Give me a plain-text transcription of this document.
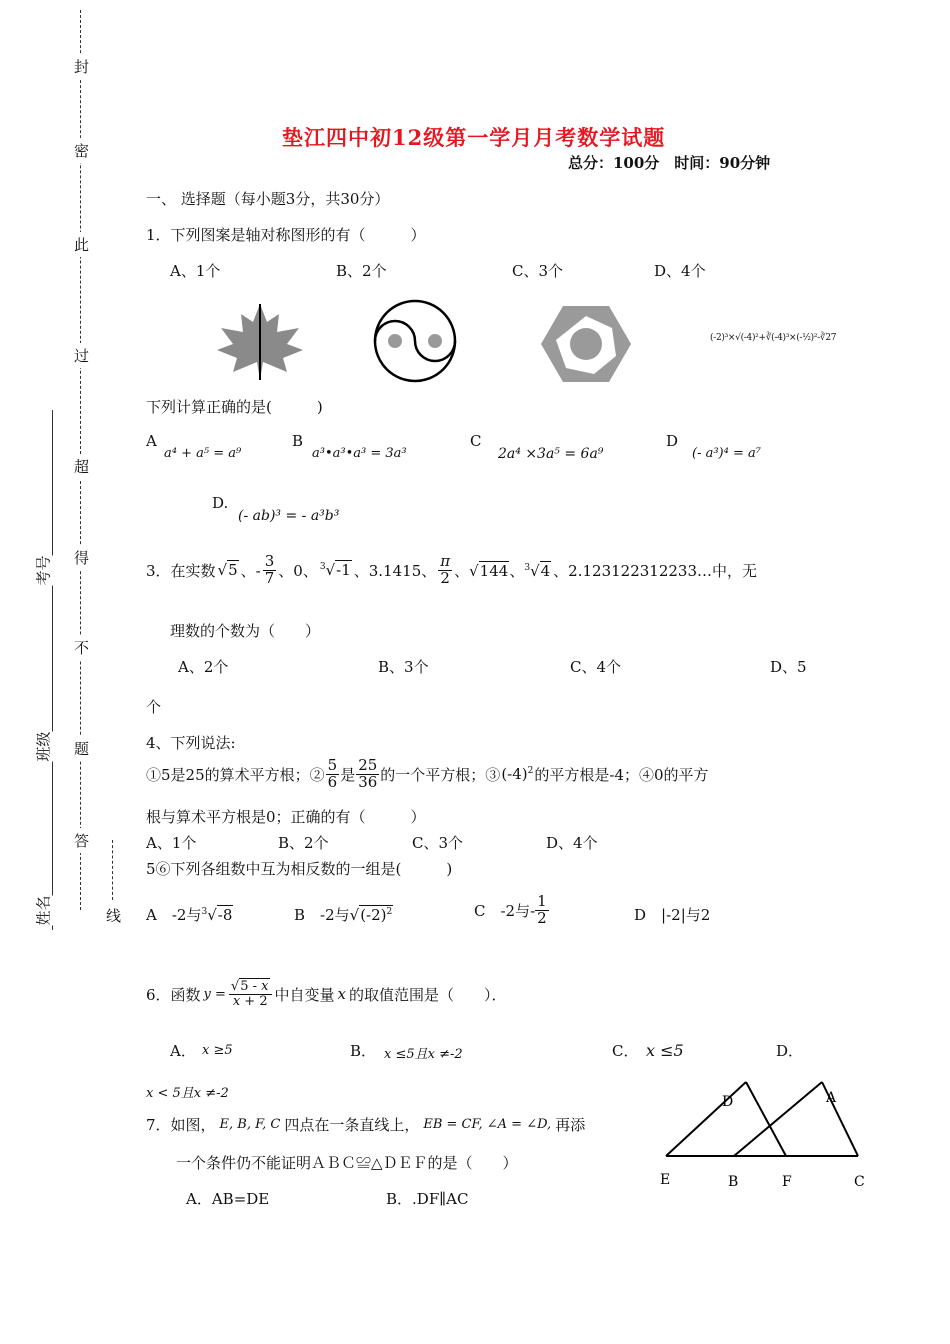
封
密
此
过
超
得
不
题
答
线
考号
班级
姓名
垫江四中初12级第一学月月考数学试题
总分：100分　时间：90分钟
一、 选择题（每小题3分，共30分）
1．下列图案是轴对称图形的有（　　　）
A、1个	B、2个	C、3个	D、4个
(-2)³×√(-4)²+∛(-4)³×(-½)²-∛27
下列计算正确的是(　　　)
A
a⁴ + a⁵ = a⁹
B
a³•a³•a³ = 3a³
C
2a⁴ ×3a⁵ = 6a⁹
D
(- a³)⁴ = a⁷
D.
(- ab)³ = - a³b³
3．在实数 √5 、- $\frac{3}{7}$ 、0、 $^3$√-1 、3.1415、 $\frac{\pi}{2}$ 、√144、$^3$√4 、2.123122312233…中，无
理数的个数为（　　）
A、2个	B、3个	C、4个	D、5
个
4、下列说法:
①5是25的算术平方根；② $\frac{5}{6}$ 是 $\frac{25}{36}$ 的一个平方根；③ $(-4)^2$ 的平方根是-4；④0的平方
根与算术平方根是0；正确的有（　　　）
A、1个	B、2个	C、3个	D、4个
5⑥下列各组数中互为相反数的一组是(　　　)
A　-2与$^3$√-8	B　-2与$√(-2)^2$	C　-2与- $\frac{1}{2}$	D　|-2|与2
6．函数 $y = \frac{√5 - x}{x + 2}$ 中自变量 x 的取值范围是（　　）．
A． x ≥5	B． x ≤5且x ≠-2	C． x ≤5	D．
x < 5且x ≠-2
7．如图， E, B, F, C 四点在一条直线上， EB = CF, ∠A = ∠D, 再添
一个条件仍不能证明ＡＢＣ≌△ＤＥＦ的是（　　）
A．AB=DE	B．.DF∥AC
D	A
E	B	F	C
